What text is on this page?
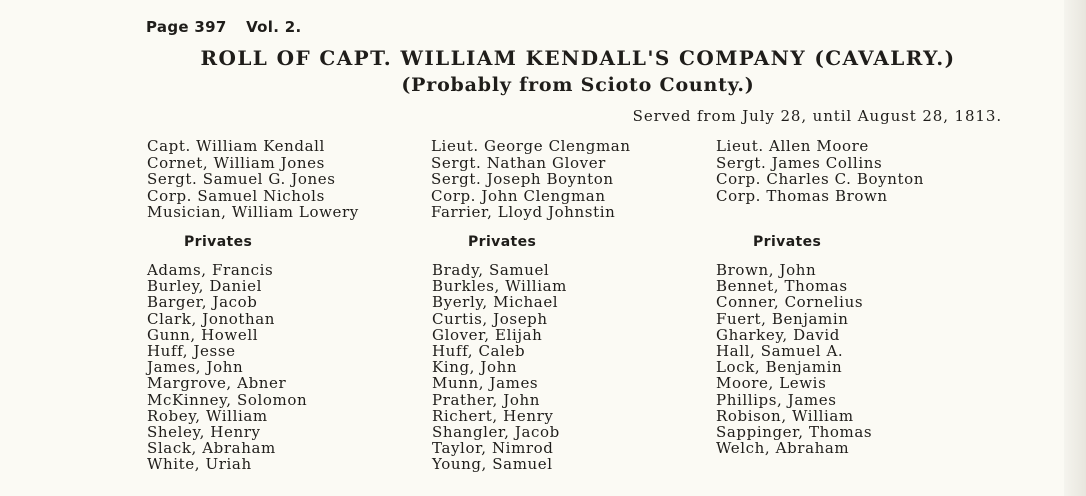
Page 397 Vol. 2.
ROLL OF CAPT. WILLIAM KENDALL'S COMPANY (CAVALRY.)
(Probably from Scioto County.)
Served from July 28, until August 28, 1813.
Capt. William Kendall
Cornet, William Jones
Sergt. Samuel G. Jones
Corp. Samuel Nichols
Musician, William Lowery
Lieut. George Clengman
Sergt. Nathan Glover
Sergt. Joseph Boynton
Corp. John Clengman
Farrier, Lloyd Johnstin
Lieut. Allen Moore
Sergt. James Collins
Corp. Charles C. Boynton
Corp. Thomas Brown
Privates	Privates	Privates
Adams, Francis
Burley, Daniel
Barger, Jacob
Clark, Jonothan
Gunn, Howell
Huff, Jesse
James, John
Margrove, Abner
McKinney, Solomon
Robey, William
Sheley, Henry
Slack, Abraham
White, Uriah
Brady, Samuel
Burkles, William
Byerly, Michael
Curtis, Joseph
Glover, Elijah
Huff, Caleb
King, John
Munn, James
Prather, John
Richert, Henry
Shangler, Jacob
Taylor, Nimrod
Young, Samuel
Brown, John
Bennet, Thomas
Conner, Cornelius
Fuert, Benjamin
Gharkey, David
Hall, Samuel A.
Lock, Benjamin
Moore, Lewis
Phillips, James
Robison, William
Sappinger, Thomas
Welch, Abraham
